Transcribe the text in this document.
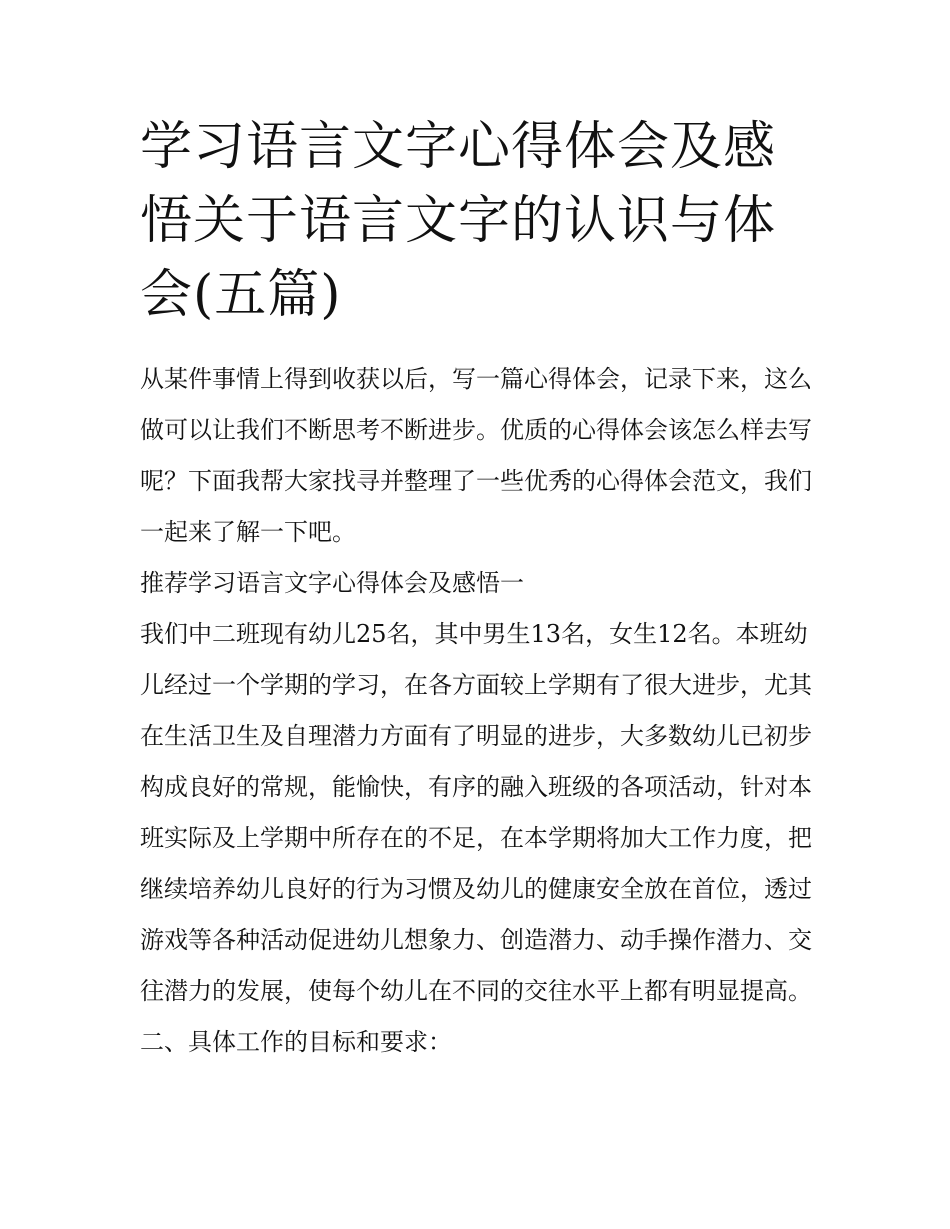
学习语言文字心得体会及感悟关于语言文字的认识与体会(五篇)

从某件事情上得到收获以后，写一篇心得体会，记录下来，这么做可以让我们不断思考不断进步。优质的心得体会该怎么样去写呢？下面我帮大家找寻并整理了一些优秀的心得体会范文，我们一起来了解一下吧。

推荐学习语言文字心得体会及感悟一

我们中二班现有幼儿25名，其中男生13名，女生12名。本班幼儿经过一个学期的学习，在各方面较上学期有了很大进步，尤其在生活卫生及自理潜力方面有了明显的进步，大多数幼儿已初步构成良好的常规，能愉快，有序的融入班级的各项活动，针对本班实际及上学期中所存在的不足，在本学期将加大工作力度，把继续培养幼儿良好的行为习惯及幼儿的健康安全放在首位，透过游戏等各种活动促进幼儿想象力、创造潜力、动手操作潜力、交往潜力的发展，使每个幼儿在不同的交往水平上都有明显提高。

二、具体工作的目标和要求：
